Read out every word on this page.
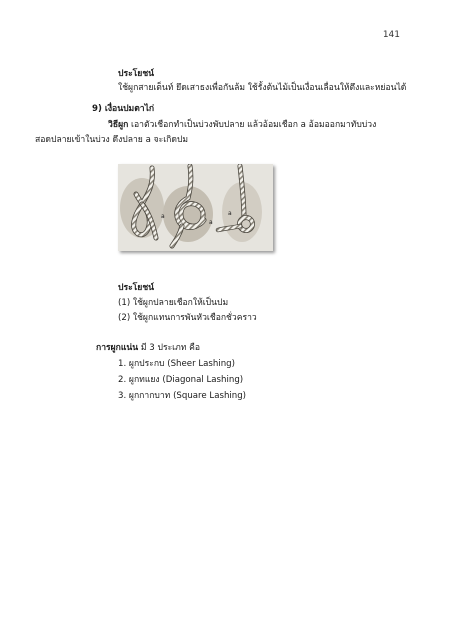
141
ประโยชน์
ใช้ผูกสายเต็นท์ ยึดเสาธงเพื่อกันล้ม ใช้รั้งต้นไม้เป็นเงื่อนเลื่อนให้ตึงและหย่อนได้
9) เงื่อนปมตาไก่
วิธีผูก เอาตัวเชือกทำเป็นบ่วงพับปลาย แล้วอ้อมเชือก a อ้อมออกมาทับบ่วง
สอดปลายเข้าในบ่วง ดึงปลาย a จะเกิดปม
a
a
a
ประโยชน์
(1) ใช้ผูกปลายเชือกให้เป็นปม
(2) ใช้ผูกแทนการพันหัวเชือกชั่วคราว
การผูกแน่น มี 3 ประเภท คือ
1. ผูกประกบ (Sheer Lashing)
2. ผูกทแยง (Diagonal Lashing)
3. ผูกกากบาท (Square Lashing)
